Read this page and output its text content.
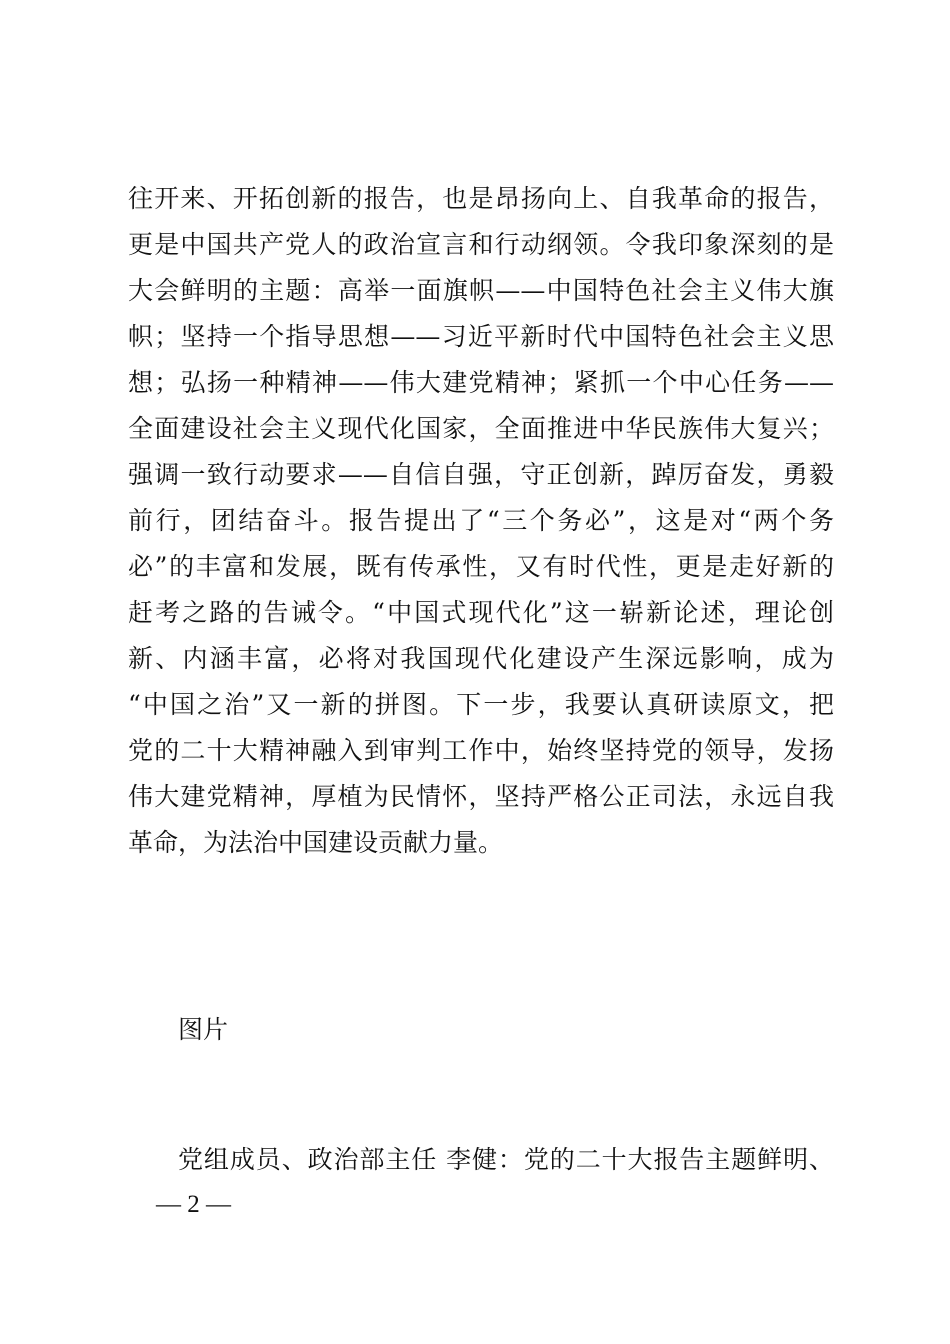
往开来、开拓创新的报告，也是昂扬向上、自我革命的报告，
更是中国共产党人的政治宣言和行动纲领。令我印象深刻的是
大会鲜明的主题：高举一面旗帜——中国特色社会主义伟大旗
帜；坚持一个指导思想——习近平新时代中国特色社会主义思
想；弘扬一种精神——伟大建党精神；紧抓一个中心任务——
全面建设社会主义现代化国家，全面推进中华民族伟大复兴；
强调一致行动要求——自信自强，守正创新，踔厉奋发，勇毅
前行，团结奋斗。报告提出了“三个务必”，这是对“两个务
必”的丰富和发展，既有传承性，又有时代性，更是走好新的
赶考之路的告诫令。“中国式现代化”这一崭新论述，理论创
新、内涵丰富，必将对我国现代化建设产生深远影响，成为
“中国之治”又一新的拼图。下一步，我要认真研读原文，把
党的二十大精神融入到审判工作中，始终坚持党的领导，发扬
伟大建党精神，厚植为民情怀，坚持严格公正司法，永远自我
革命，为法治中国建设贡献力量。
图片
党组成员、政治部主任 李健：党的二十大报告主题鲜明、
— 2 —
